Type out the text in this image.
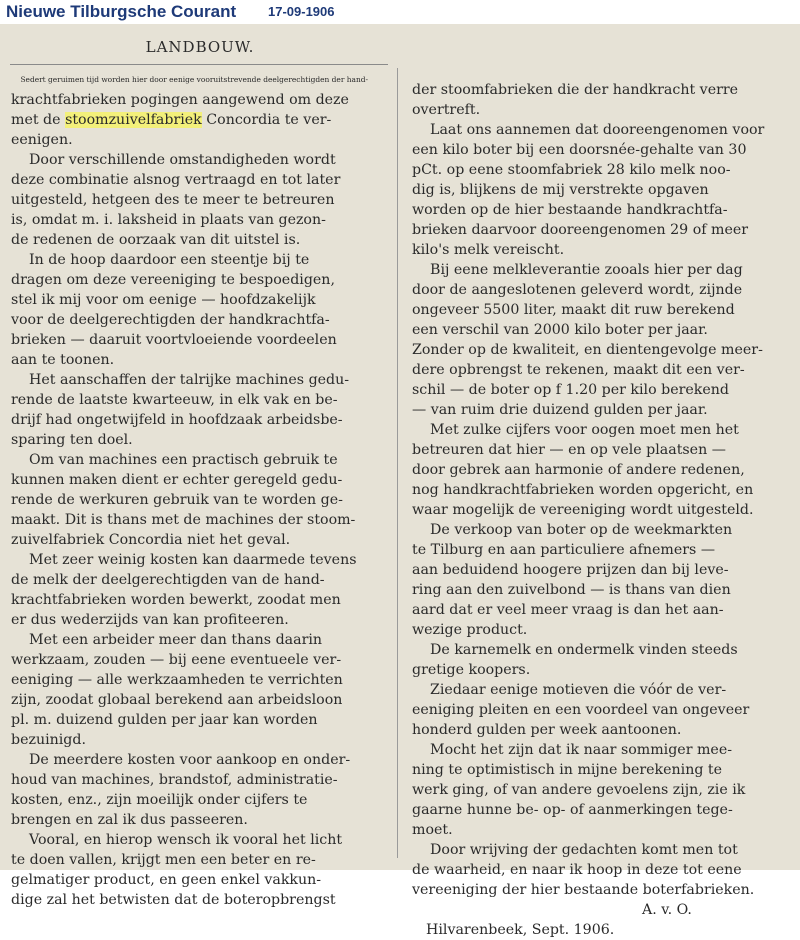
Nieuwe Tilburgsche Courant 17-09-1906
LANDBOUW.
Sedert geruimen tijd worden hier door eenige vooruitstrevende deelgerechtigden der hand-
krachtfabrieken pogingen aangewend om deze
met de stoomzuivelfabriek Concordia te ver-
eenigen.
Door verschillende omstandigheden wordt
deze combinatie alsnog vertraagd en tot later
uitgesteld, hetgeen des te meer te betreuren
is, omdat m. i. laksheid in plaats van gezon-
de redenen de oorzaak van dit uitstel is.
In de hoop daardoor een steentje bij te
dragen om deze vereeniging te bespoedigen,
stel ik mij voor om eenige — hoofdzakelijk
voor de deelgerechtigden der handkrachtfa-
brieken — daaruit voortvloeiende voordeelen
aan te toonen.
Het aanschaffen der talrijke machines gedu-
rende de laatste kwarteeuw, in elk vak en be-
drijf had ongetwijfeld in hoofdzaak arbeidsbe-
sparing ten doel.
Om van machines een practisch gebruik te
kunnen maken dient er echter geregeld gedu-
rende de werkuren gebruik van te worden ge-
maakt. Dit is thans met de machines der stoom-
zuivelfabriek Concordia niet het geval.
Met zeer weinig kosten kan daarmede tevens
de melk der deelgerechtigden van de hand-
krachtfabrieken worden bewerkt, zoodat men
er dus wederzijds van kan profiteeren.
Met een arbeider meer dan thans daarin
werkzaam, zouden — bij eene eventueele ver-
eeniging — alle werkzaamheden te verrichten
zijn, zoodat globaal berekend aan arbeidsloon
pl. m. duizend gulden per jaar kan worden
bezuinigd.
De meerdere kosten voor aankoop en onder-
houd van machines, brandstof, administratie-
kosten, enz., zijn moeilijk onder cijfers te
brengen en zal ik dus passeeren.
Vooral, en hierop wensch ik vooral het licht
te doen vallen, krijgt men een beter en re-
gelmatiger product, en geen enkel vakkun-
dige zal het betwisten dat de boteropbrengst
der stoomfabrieken die der handkracht verre
overtreft.
Laat ons aannemen dat dooreengenomen voor
een kilo boter bij een doorsnée-gehalte van 30
pCt. op eene stoomfabriek 28 kilo melk noo-
dig is, blijkens de mij verstrekte opgaven
worden op de hier bestaande handkrachtfa-
brieken daarvoor dooreengenomen 29 of meer
kilo's melk vereischt.
Bij eene melkleverantie zooals hier per dag
door de aangeslotenen geleverd wordt, zijnde
ongeveer 5500 liter, maakt dit ruw berekend
een verschil van 2000 kilo boter per jaar.
Zonder op de kwaliteit, en dientengevolge meer-
dere opbrengst te rekenen, maakt dit een ver-
schil — de boter op f 1.20 per kilo berekend
— van ruim drie duizend gulden per jaar.
Met zulke cijfers voor oogen moet men het
betreuren dat hier — en op vele plaatsen —
door gebrek aan harmonie of andere redenen,
nog handkrachtfabrieken worden opgericht, en
waar mogelijk de vereeniging wordt uitgesteld.
De verkoop van boter op de weekmarkten
te Tilburg en aan particuliere afnemers —
aan beduidend hoogere prijzen dan bij leve-
ring aan den zuivelbond — is thans van dien
aard dat er veel meer vraag is dan het aan-
wezige product.
De karnemelk en ondermelk vinden steeds
gretige koopers.
Ziedaar eenige motieven die vóór de ver-
eeniging pleiten en een voordeel van ongeveer
honderd gulden per week aantoonen.
Mocht het zijn dat ik naar sommiger mee-
ning te optimistisch in mijne berekening te
werk ging, of van andere gevoelens zijn, zie ik
gaarne hunne be- op- of aanmerkingen tege-
moet.
Door wrijving der gedachten komt men tot
de waarheid, en naar ik hoop in deze tot eene
vereeniging der hier bestaande boterfabrieken.
A. v. O.
Hilvarenbeek, Sept. 1906.
